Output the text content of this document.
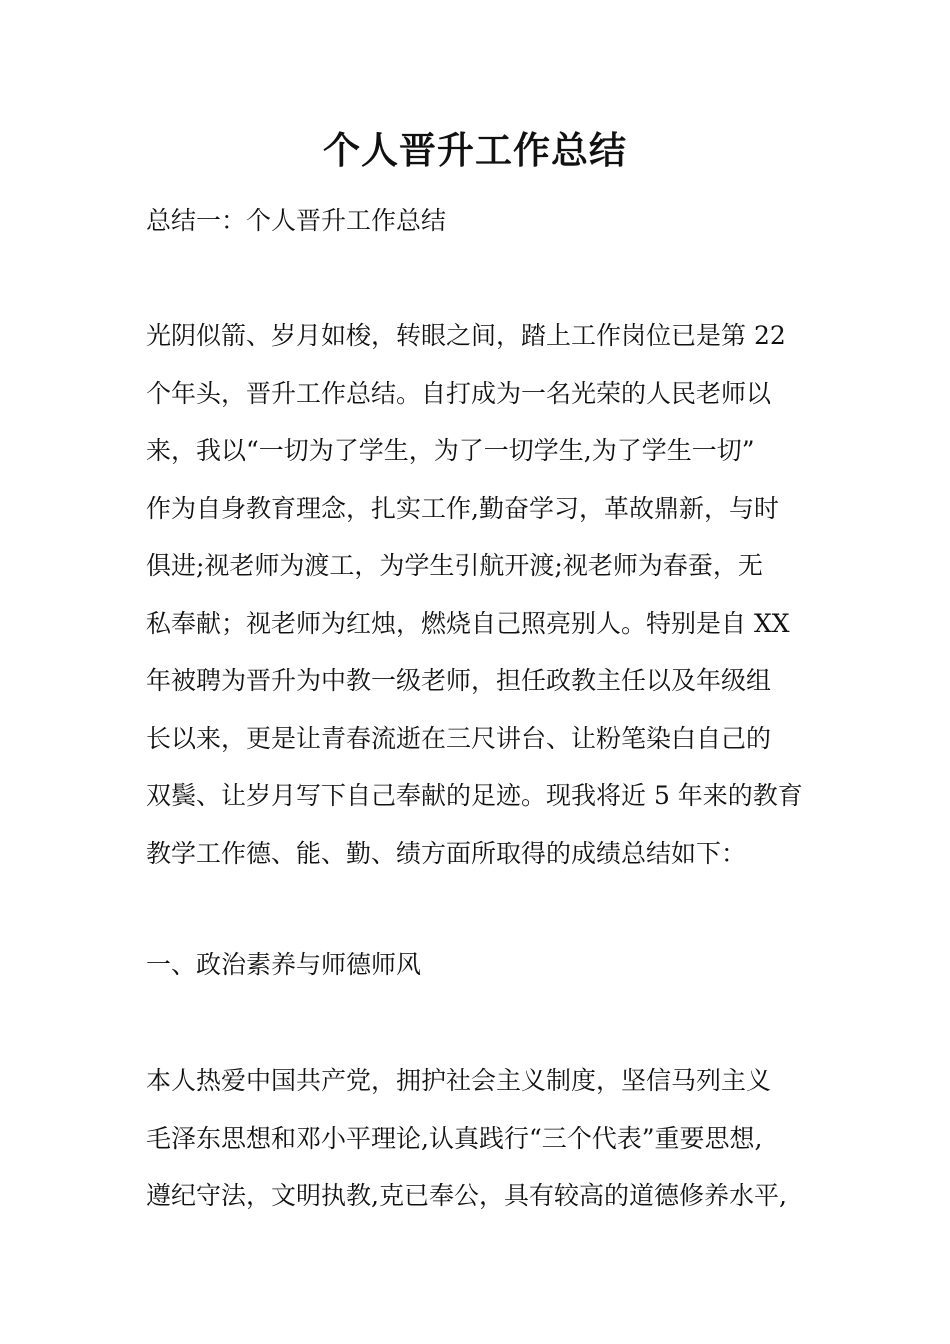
个人晋升工作总结
总结一：个人晋升工作总结
光阴似箭、岁月如梭，转眼之间，踏上工作岗位已是第 22
个年头，晋升工作总结。自打成为一名光荣的人民老师以
来，我以“一切为了学生，为了一切学生,为了学生一切”
作为自身教育理念，扎实工作,勤奋学习，革故鼎新，与时
俱进;视老师为渡工，为学生引航开渡;视老师为春蚕，无
私奉献；视老师为红烛，燃烧自己照亮别人。特别是自 XX
年被聘为晋升为中教一级老师，担任政教主任以及年级组
长以来，更是让青春流逝在三尺讲台、让粉笔染白自己的
双鬓、让岁月写下自己奉献的足迹。现我将近 5 年来的教育
教学工作德、能、勤、绩方面所取得的成绩总结如下：
一、政治素养与师德师风
本人热爱中国共产党，拥护社会主义制度，坚信马列主义
毛泽东思想和邓小平理论,认真践行“三个代表”重要思想,
遵纪守法，文明执教,克已奉公，具有较高的道德修养水平,
